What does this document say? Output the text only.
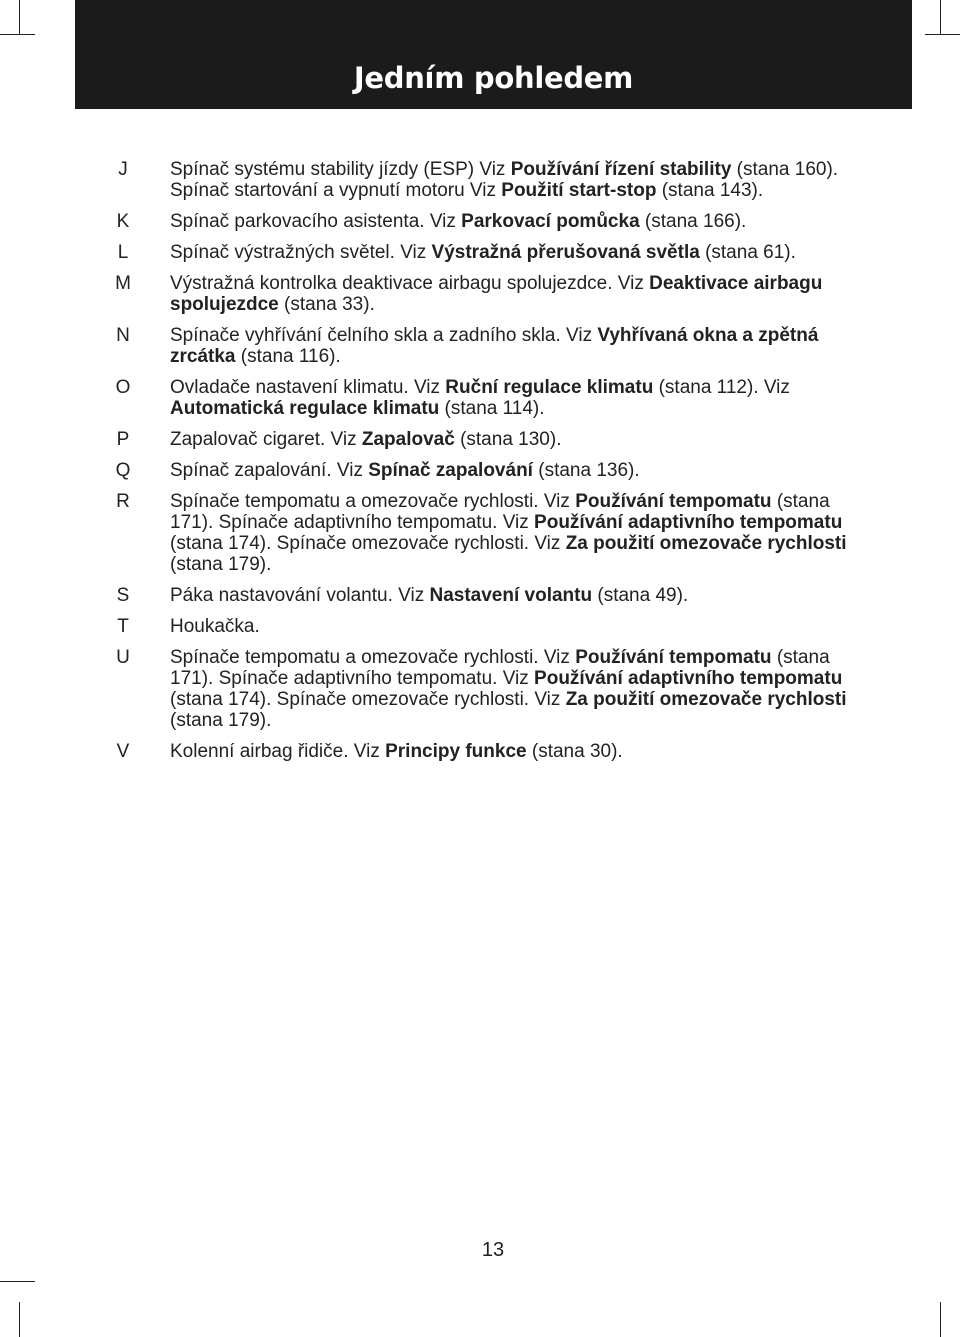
Jedním pohledem
J	Spínač systému stability jízdy (ESP) Viz Používání řízení stability (stana 160).
Spínač startování a vypnutí motoru Viz Použití start-stop (stana 143).
K	Spínač parkovacího asistenta. Viz Parkovací pomůcka (stana 166).
L	Spínač výstražných světel. Viz Výstražná přerušovaná světla (stana 61).
M	Výstražná kontrolka deaktivace airbagu spolujezdce. Viz Deaktivace airbagu
spolujezdce (stana 33).
N	Spínače vyhřívání čelního skla a zadního skla. Viz Vyhřívaná okna a zpětná
zrcátka (stana 116).
O	Ovladače nastavení klimatu. Viz Ruční regulace klimatu (stana 112). Viz
Automatická regulace klimatu (stana 114).
P	Zapalovač cigaret. Viz Zapalovač (stana 130).
Q	Spínač zapalování. Viz Spínač zapalování (stana 136).
R	Spínače tempomatu a omezovače rychlosti. Viz Používání tempomatu (stana
171). Spínače adaptivního tempomatu. Viz Používání adaptivního tempomatu
(stana 174). Spínače omezovače rychlosti. Viz Za použití omezovače rychlosti
(stana 179).
S	Páka nastavování volantu. Viz Nastavení volantu (stana 49).
T	Houkačka.
U	Spínače tempomatu a omezovače rychlosti. Viz Používání tempomatu (stana
171). Spínače adaptivního tempomatu. Viz Používání adaptivního tempomatu
(stana 174). Spínače omezovače rychlosti. Viz Za použití omezovače rychlosti
(stana 179).
V	Kolenní airbag řidiče. Viz Principy funkce (stana 30).
13
